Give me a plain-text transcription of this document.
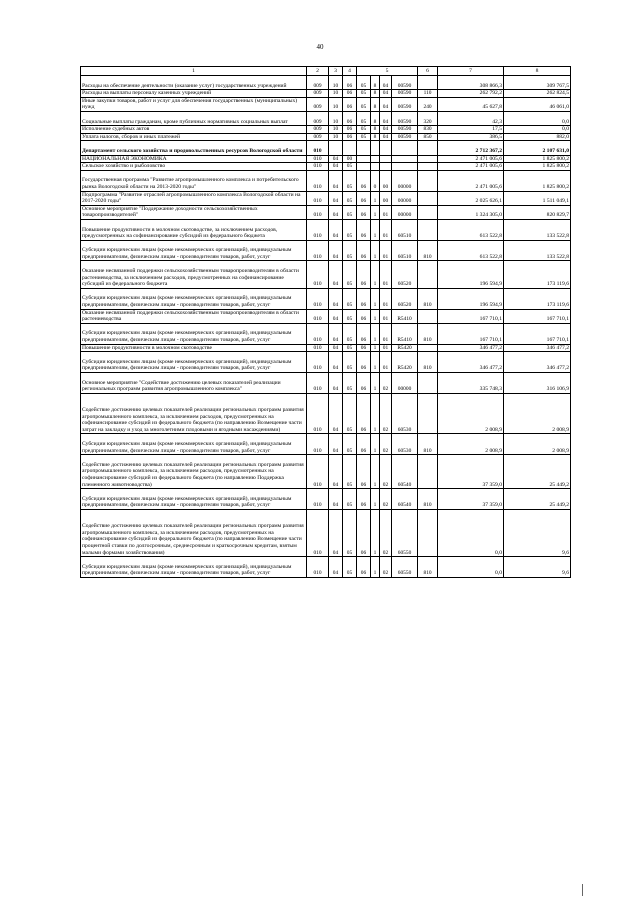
40
1	2	3	4	5				6	7	8
Расходы на обеспечение деятельности (оказание услуг) государственных учреждений	009	10	06	05	8	04	00590		308 866,3	309 767,5
Расходы на выплаты персоналу казенных учреждений	009	10	06	05	8	04	00590	110	262 792,2	262 824,5
Иные закупки товаров, работ и услуг для обеспечения государственных (муниципальных) нужд	009	10	06	05	8	04	00590	240	45 627,8	46 061,0
Социальные выплаты гражданам, кроме публичных нормативных социальных выплат	009	10	06	05	8	04	00590	320	42,3	0,0
Исполнение судебных актов	009	10	06	05	8	04	00590	830	17,5	0,0
Уплата налогов, сборов и иных платежей	009	10	06	05	8	04	00590	850	386,5	882,0
Департамент сельского хозяйства и продовольственных ресурсов Вологодской области	010								2 712 367,2	2 107 631,0
НАЦИОНАЛЬНАЯ ЭКОНОМИКА	010	04	00						2 471 005,6	1 825 800,2
Сельское хозяйство и рыболовство	010	04	05						2 471 005,6	1 825 800,2
Государственная программа "Развитие агропромышленного комплекса и потребительского рынка Вологодской области на 2013-2020 годы"	010	04	05	06	0	00	00000		2 471 005,6	1 825 800,2
Подпрограмма "Развитие отраслей агропромышленного комплекса Вологодской области на 2017-2020 годы"	010	04	05	06	1	00	00000		2 025 626,1	1 511 049,1
Основное мероприятие "Поддержание доходности сельскохозяйственных товаропроизводителей"	010	04	05	06	1	01	00000		1 324 305,0	820 829,7
Повышение продуктивности в молочном скотоводстве, за исключением расходов, предусмотренных на софинансирование субсидий из федерального бюджета	010	04	05	06	1	01	60510		613 522,8	133 522,8
Субсидии юридическим лицам (кроме некоммерческих организаций), индивидуальным предпринимателям, физическим лицам - производителям товаров, работ, услуг	010	04	05	06	1	01	60510	810	613 522,8	133 522,8
Оказание несвязанной поддержки сельскохозяйственным товаропроизводителям в области растениеводства, за исключением расходов, предусмотренных на софинансирование субсидий из федерального бюджета	010	04	05	06	1	01	60520		196 594,9	173 119,6
Субсидии юридическим лицам (кроме некоммерческих организаций), индивидуальным предпринимателям, физическим лицам - производителям товаров, работ, услуг	010	04	05	06	1	01	60520	810	196 594,9	173 119,6
Оказание несвязанной поддержки сельскохозяйственным товаропроизводителям в области растениеводства	010	04	05	06	1	01	R5410		167 710,1	167 710,1
Субсидии юридическим лицам (кроме некоммерческих организаций), индивидуальным предпринимателям, физическим лицам - производителям товаров, работ, услуг	010	04	05	06	1	01	R5410	810	167 710,1	167 710,1
Повышение продуктивности в молочном скотоводстве	010	04	05	06	1	01	R5420		346 477,2	346 477,2
Субсидии юридическим лицам (кроме некоммерческих организаций), индивидуальным предпринимателям, физическим лицам - производителям товаров, работ, услуг	010	04	05	06	1	01	R5420	810	346 477,2	346 477,2
Основное мероприятие "Содействие достижению целевых показателей реализации региональных программ развития агропромышленного комплекса"	010	04	05	06	1	02	00000		335 748,3	316 106,9
Содействие достижению целевых показателей реализации региональных программ развития агропромышленного комплекса, за исключением расходов, предусмотренных на софинансирование субсидий из федерального бюджета (по направлению Возмещение части затрат на закладку и уход за многолетними плодовыми и ягодными насаждениями)	010	04	05	06	1	02	60530		2 008,9	2 008,9
Субсидии юридическим лицам (кроме некоммерческих организаций), индивидуальным предпринимателям, физическим лицам - производителям товаров, работ, услуг	010	04	05	06	1	02	60530	810	2 008,9	2 008,9
Содействие достижению целевых показателей реализации региональных программ развития агропромышленного комплекса, за исключением расходов, предусмотренных на софинансирование субсидий из федерального бюджета (по направлению Поддержка племенного животноводства)	010	04	05	06	1	02	60540		37 359,0	25 449,2
Субсидии юридическим лицам (кроме некоммерческих организаций), индивидуальным предпринимателям, физическим лицам - производителям товаров, работ, услуг	010	04	05	06	1	02	60540	810	37 359,0	25 449,2
Содействие достижению целевых показателей реализации региональных программ развития агропромышленного комплекса, за исключением расходов, предусмотренных на софинансирование субсидий из федерального бюджета (по направлению Возмещение части процентной ставки по долгосрочным, среднесрочным и краткосрочным кредитам, взятым малыми формами хозяйствования)	010	04	05	06	1	02	60550		0,0	9,6
Субсидии юридическим лицам (кроме некоммерческих организаций), индивидуальным предпринимателям, физическим лицам - производителям товаров, работ, услуг	010	04	05	06	1	02	60550	810	0,0	9,6
